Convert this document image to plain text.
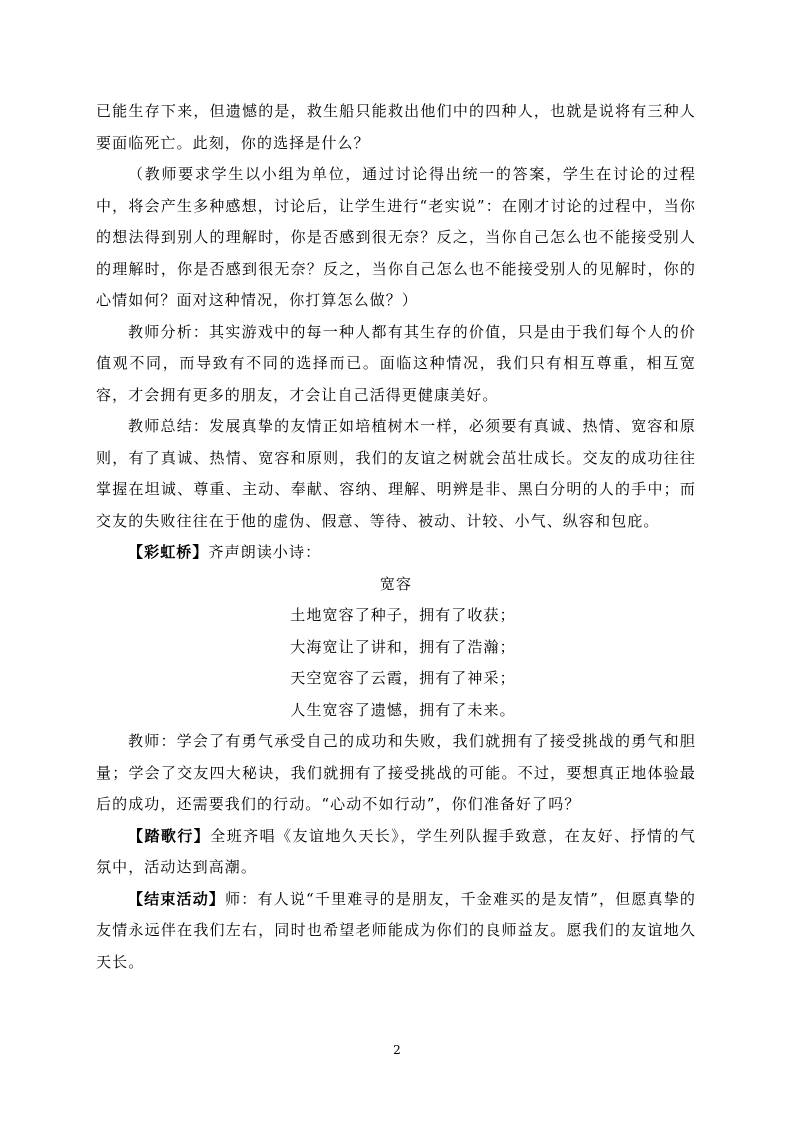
已能生存下来，但遗憾的是，救生船只能救出他们中的四种人，也就是说将有三种人要面临死亡。此刻，你的选择是什么？

（教师要求学生以小组为单位，通过讨论得出统一的答案，学生在讨论的过程中，将会产生多种感想，讨论后，让学生进行“老实说”：在刚才讨论的过程中，当你的想法得到别人的理解时，你是否感到很无奈？反之，当你自己怎么也不能接受别人的理解时，你是否感到很无奈？反之，当你自己怎么也不能接受别人的见解时，你的心情如何？面对这种情况，你打算怎么做？）

教师分析：其实游戏中的每一种人都有其生存的价值，只是由于我们每个人的价值观不同，而导致有不同的选择而已。面临这种情况，我们只有相互尊重，相互宽容，才会拥有更多的朋友，才会让自己活得更健康美好。

教师总结：发展真挚的友情正如培植树木一样，必须要有真诚、热情、宽容和原则，有了真诚、热情、宽容和原则，我们的友谊之树就会茁壮成长。交友的成功往往掌握在坦诚、尊重、主动、奉献、容纳、理解、明辨是非、黑白分明的人的手中；而交友的失败往往在于他的虚伪、假意、等待、被动、计较、小气、纵容和包庇。

【彩虹桥】齐声朗读小诗：

宽容
土地宽容了种子，拥有了收获；
大海宽让了讲和，拥有了浩瀚；
天空宽容了云霞，拥有了神采；
人生宽容了遗憾，拥有了未来。

教师：学会了有勇气承受自己的成功和失败，我们就拥有了接受挑战的勇气和胆量；学会了交友四大秘诀，我们就拥有了接受挑战的可能。不过，要想真正地体验最后的成功，还需要我们的行动。“心动不如行动”，你们准备好了吗？

【踏歌行】全班齐唱《友谊地久天长》，学生列队握手致意，在友好、抒情的气氛中，活动达到高潮。

【结束活动】师：有人说“千里难寻的是朋友，千金难买的是友情”，但愿真挚的友情永远伴在我们左右，同时也希望老师能成为你们的良师益友。愿我们的友谊地久天长。

2
